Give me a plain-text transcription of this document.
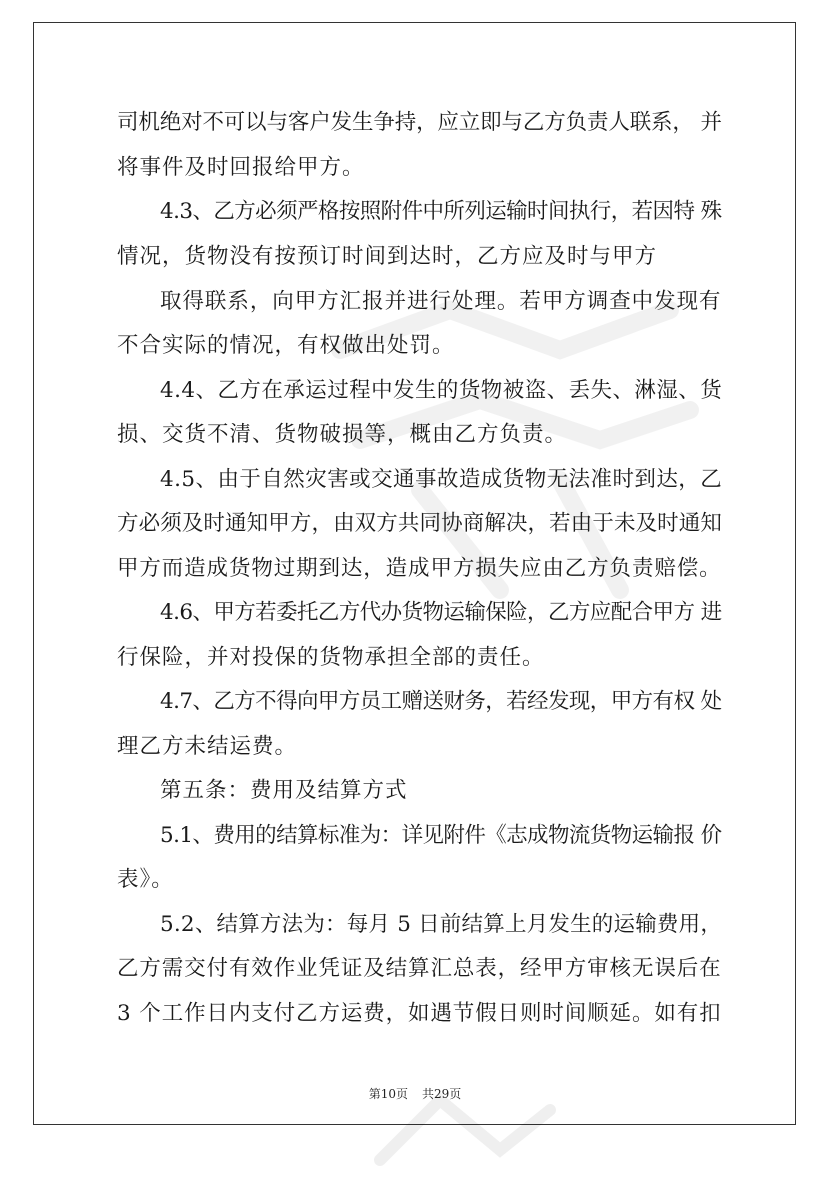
司机绝对不可以与客户发生争持，应立即与乙方负责人联系， 并
将事件及时回报给甲方。
4.3、乙方必须严格按照附件中所列运输时间执行，若因特 殊
情况，货物没有按预订时间到达时，乙方应及时与甲方
取得联系，向甲方汇报并进行处理。若甲方调查中发现有
不合实际的情况，有权做出处罚。
4.4、乙方在承运过程中发生的货物被盗、丢失、淋湿、货
损、交货不清、货物破损等，概由乙方负责。
4.5、由于自然灾害或交通事故造成货物无法准时到达，乙
方必须及时通知甲方，由双方共同协商解决，若由于未及时通知
甲方而造成货物过期到达，造成甲方损失应由乙方负责赔偿。
4.6、甲方若委托乙方代办货物运输保险，乙方应配合甲方 进
行保险，并对投保的货物承担全部的责任。
4.7、乙方不得向甲方员工赠送财务，若经发现，甲方有权 处
理乙方未结运费。
第五条：费用及结算方式
5.1、费用的结算标准为：详见附件《志成物流货物运输报 价
表》。
5.2、结算方法为：每月 5 日前结算上月发生的运输费用，
乙方需交付有效作业凭证及结算汇总表，经甲方审核无误后在
3 个工作日内支付乙方运费，如遇节假日则时间顺延。如有扣
第10页 共29页
